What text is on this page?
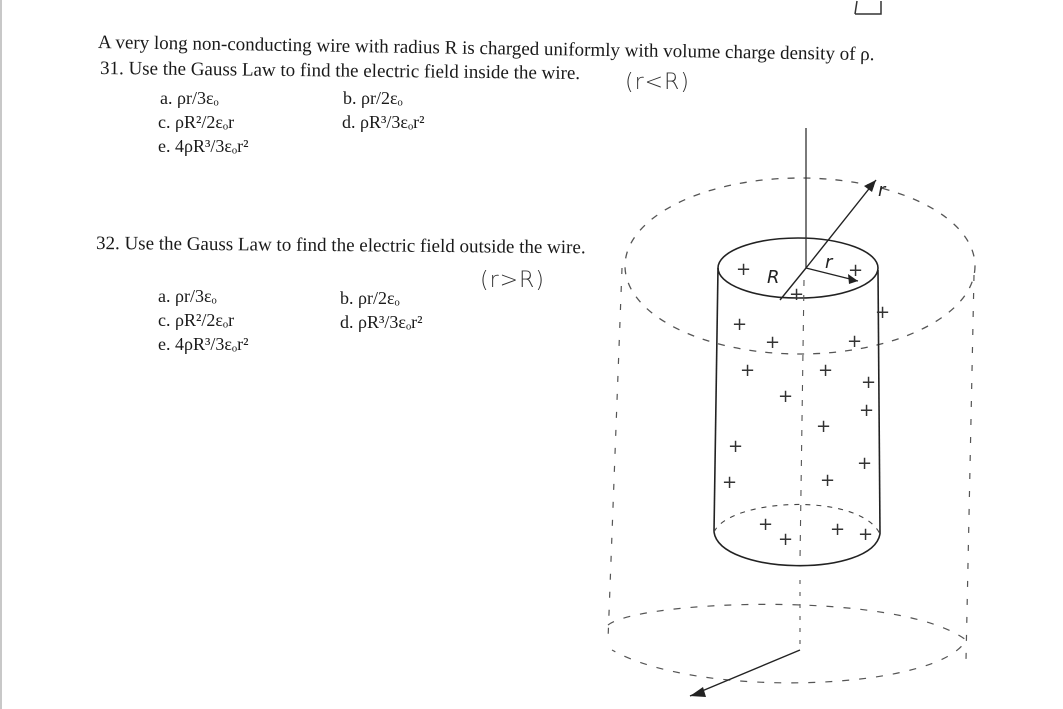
A very long non-conducting wire with radius R is charged uniformly with volume charge density of ρ.
31. Use the Gauss Law to find the electric field inside the wire. (r<R)
a. ρr/3εₒ	b. ρr/2εₒ
c. ρR²/2εₒr	d. ρR³/3εₒr²
e. 4ρR³/3εₒr²
32. Use the Gauss Law to find the electric field outside the wire.
(r>R)
a. ρr/3εₒ	b. ρr/2εₒ
c. ρR²/2εₒr	d. ρR³/3εₒr²
e. 4ρR³/3εₒr²
+
+
+
+
+	+
+
+	+
+
+
+
+
+
+
+
+
+	+ +
+
R
r
r
